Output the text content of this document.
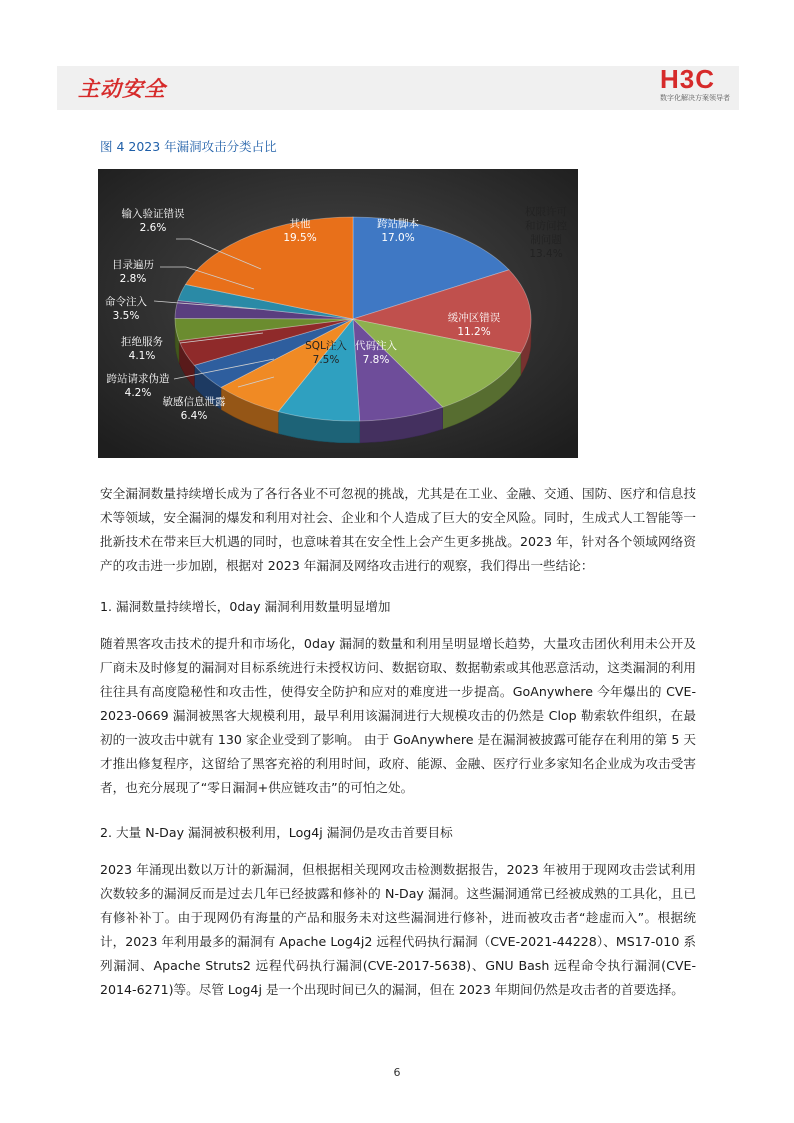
主动安全	H3C
数字化解决方案领导者
图 4 2023 年漏洞攻击分类占比
跨站脚本 17.0%
权限许可和访问控制问题 13.4%
缓冲区错误 11.2%
代码注入 7.8%
SQL注入 7.5%
敏感信息泄露 6.4%
跨站请求伪造 4.2%
拒绝服务 4.1%
命令注入 3.5%
目录遍历 2.8%
输入验证错误 2.6%	其他 19.5%

安全漏洞数量持续增长成为了各行各业不可忽视的挑战，尤其是在工业、金融、交通、国防、医疗和信息技术等领域，安全漏洞的爆发和利用对社会、企业和个人造成了巨大的安全风险。同时，生成式人工智能等一批新技术在带来巨大机遇的同时，也意味着其在安全性上会产生更多挑战。2023 年，针对各个领域网络资产的攻击进一步加剧，根据对 2023 年漏洞及网络攻击进行的观察，我们得出一些结论：

1. 漏洞数量持续增长，0day 漏洞利用数量明显增加

随着黑客攻击技术的提升和市场化，0day 漏洞的数量和利用呈明显增长趋势，大量攻击团伙利用未公开及厂商未及时修复的漏洞对目标系统进行未授权访问、数据窃取、数据勒索或其他恶意活动，这类漏洞的利用往往具有高度隐秘性和攻击性，使得安全防护和应对的难度进一步提高。GoAnywhere 今年爆出的 CVE-2023-0669 漏洞被黑客大规模利用，最早利用该漏洞进行大规模攻击的仍然是 Clop 勒索软件组织，在最初的一波攻击中就有 130 家企业受到了影响。 由于 GoAnywhere 是在漏洞被披露可能存在利用的第 5 天才推出修复程序，这留给了黑客充裕的利用时间，政府、能源、金融、医疗行业多家知名企业成为攻击受害者，也充分展现了“零日漏洞+供应链攻击”的可怕之处。

2. 大量 N-Day 漏洞被积极利用，Log4j 漏洞仍是攻击首要目标

2023 年涌现出数以万计的新漏洞，但根据相关现网攻击检测数据报告，2023 年被用于现网攻击尝试利用次数较多的漏洞反而是过去几年已经披露和修补的 N-Day 漏洞。这些漏洞通常已经被成熟的工具化，且已有修补补丁。由于现网仍有海量的产品和服务未对这些漏洞进行修补，进而被攻击者“趁虚而入”。根据统计，2023 年利用最多的漏洞有 Apache Log4j2 远程代码执行漏洞（CVE-2021-44228）、MS17-010 系列漏洞、Apache Struts2 远程代码执行漏洞(CVE-2017-5638)、GNU Bash 远程命令执行漏洞(CVE-2014-6271)等。尽管 Log4j 是一个出现时间已久的漏洞，但在 2023 年期间仍然是攻击者的首要选择。

6
